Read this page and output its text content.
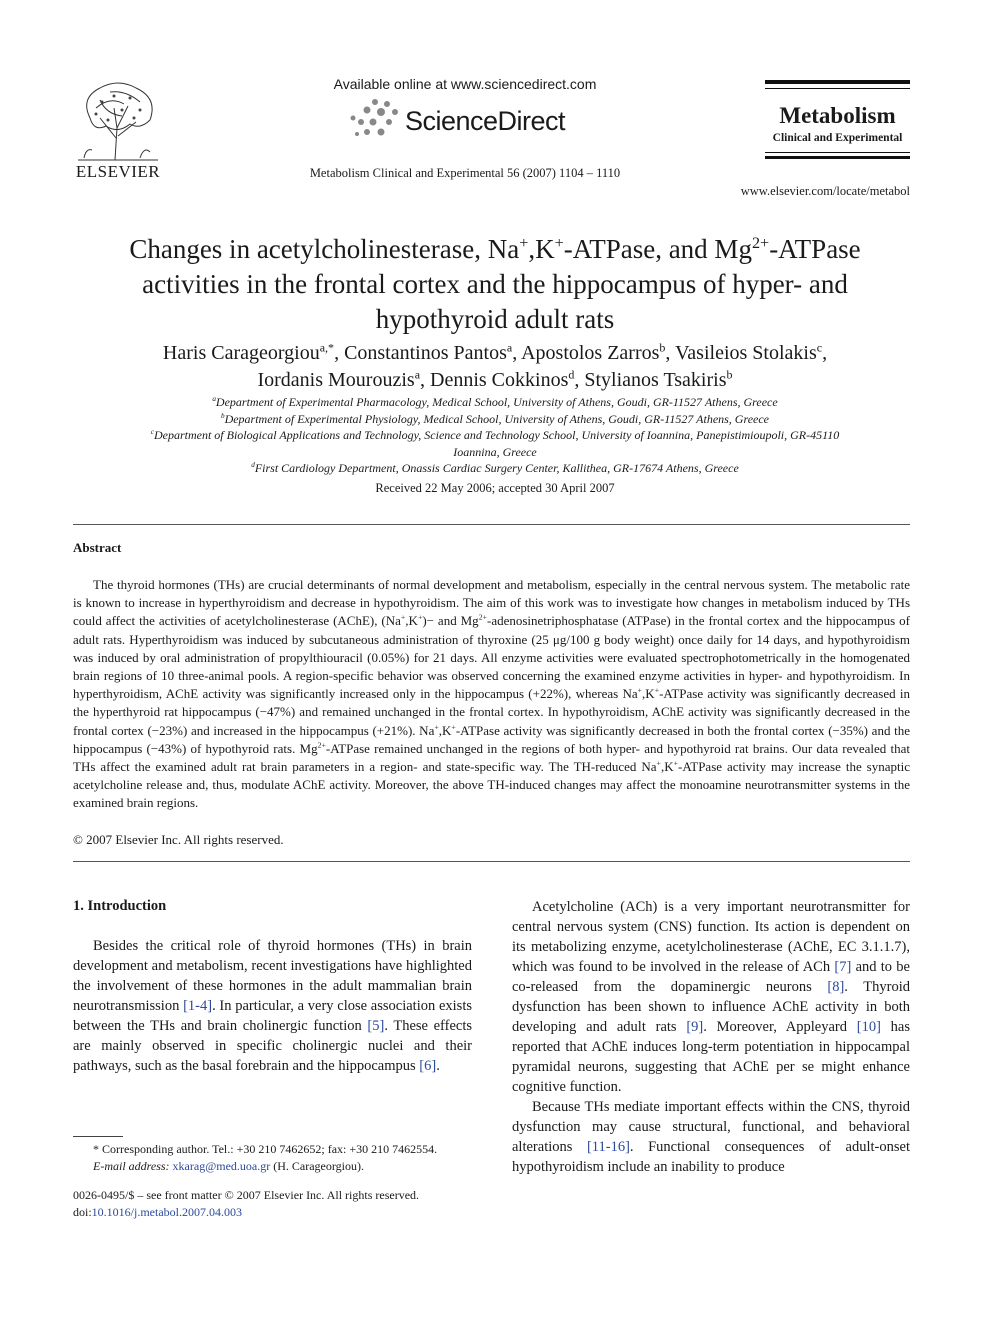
ELSEVIER
Available online at www.sciencedirect.com
ScienceDirect
Metabolism Clinical and Experimental 56 (2007) 1104 – 1110
Metabolism
Clinical and Experimental
www.elsevier.com/locate/metabol
Changes in acetylcholinesterase, Na+,K+-ATPase, and $Mg^{2+}$-ATPase activities in the frontal cortex and the hippocampus of hyper- and hypothyroid adult rats
Haris Carageorgiou$^{a,*}$, Constantinos Pantos$^a$, Apostolos Zarros$^b$, Vasileios Stolakis$^c$,
Iordanis Mourouzis$^a$, Dennis Cokkinos$^d$, Stylianos Tsakiris$^b$
$^a$Department of Experimental Pharmacology, Medical School, University of Athens, Goudi, GR-11527 Athens, Greece
$^b$Department of Experimental Physiology, Medical School, University of Athens, Goudi, GR-11527 Athens, Greece
$^c$Department of Biological Applications and Technology, Science and Technology School, University of Ioannina, Panepistimioupoli, GR-45110 Ioannina, Greece
$^d$First Cardiology Department, Onassis Cardiac Surgery Center, Kallithea, GR-17674 Athens, Greece
Received 22 May 2006; accepted 30 April 2007
Abstract
The thyroid hormones (THs) are crucial determinants of normal development and metabolism, especially in the central nervous system. The metabolic rate is known to increase in hyperthyroidism and decrease in hypothyroidism. The aim of this work was to investigate how changes in metabolism induced by THs could affect the activities of acetylcholinesterase (AChE), (Na+,K+)− and $Mg^{2+}$-adenosinetriphosphatase (ATPase) in the frontal cortex and the hippocampus of adult rats. Hyperthyroidism was induced by subcutaneous administration of thyroxine (25 μg/100 g body weight) once daily for 14 days, and hypothyroidism was induced by oral administration of propylthiouracil (0.05%) for 21 days. All enzyme activities were evaluated spectrophotometrically in the homogenated brain regions of 10 three-animal pools. A region-specific behavior was observed concerning the examined enzyme activities in hyper- and hypothyroidism. In hyperthyroidism, AChE activity was significantly increased only in the hippocampus (+22%), whereas Na+,K+-ATPase activity was significantly decreased in the hyperthyroid rat hippocampus (−47%) and remained unchanged in the frontal cortex. In hypothyroidism, AChE activity was significantly decreased in the frontal cortex (−23%) and increased in the hippocampus (+21%). Na+,K+-ATPase activity was significantly decreased in both the frontal cortex (−35%) and the hippocampus (−43%) of hypothyroid rats. $Mg^{2+}$-ATPase remained unchanged in the regions of both hyper- and hypothyroid rat brains. Our data revealed that THs affect the examined adult rat brain parameters in a region- and state-specific way. The TH-reduced Na+,K+-ATPase activity may increase the synaptic acetylcholine release and, thus, modulate AChE activity. Moreover, the above TH-induced changes may affect the monoamine neurotransmitter systems in the examined brain regions.
© 2007 Elsevier Inc. All rights reserved.
1. Introduction

Besides the critical role of thyroid hormones (THs) in brain development and metabolism, recent investigations have highlighted the involvement of these hormones in the adult mammalian brain neurotransmission [1-4]. In particular, a very close association exists between the THs and brain cholinergic function [5]. These effects are mainly observed in specific cholinergic nuclei and their pathways, such as the basal forebrain and the hippocampus [6].

Acetylcholine (ACh) is a very important neurotransmitter for central nervous system (CNS) function. Its action is dependent on its metabolizing enzyme, acetylcholinesterase (AChE, EC 3.1.1.7), which was found to be involved in the release of ACh [7] and to be co-released from the dopaminergic neurons [8]. Thyroid dysfunction has been shown to influence AChE activity in both developing and adult rats [9]. Moreover, Appleyard [10] has reported that AChE induces long-term potentiation in hippocampal pyramidal neurons, suggesting that AChE per se might enhance cognitive function.

Because THs mediate important effects within the CNS, thyroid dysfunction may cause structural, functional, and behavioral alterations [11-16]. Functional consequences of adult-onset hypothyroidism include an inability to produce

* Corresponding author. Tel.: +30 210 7462652; fax: +30 210 7462554.
E-mail address: xkarag@med.uoa.gr (H. Carageorgiou).
0026-0495/$ – see front matter © 2007 Elsevier Inc. All rights reserved.
doi:10.1016/j.metabol.2007.04.003
